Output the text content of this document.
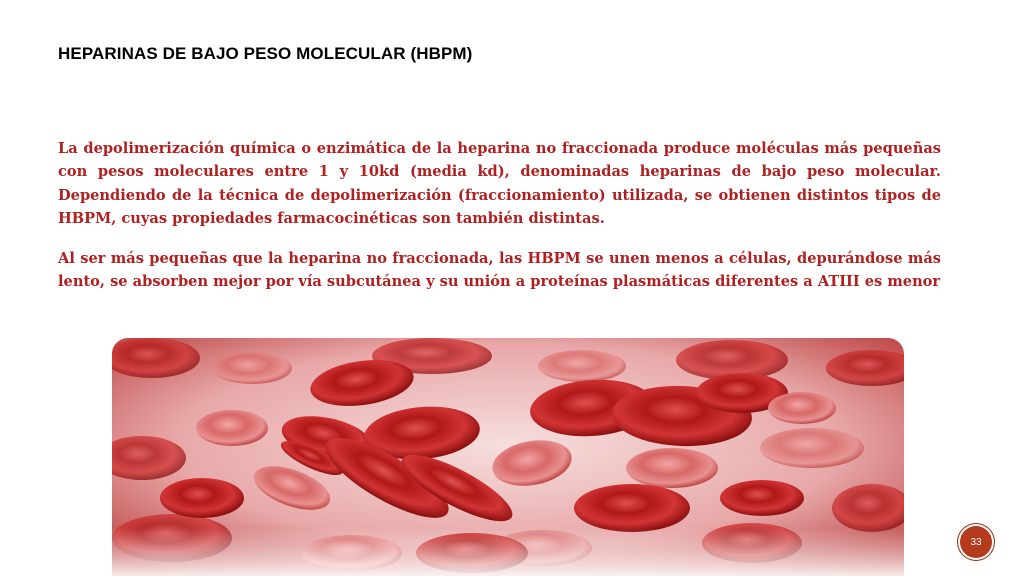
HEPARINAS DE BAJO PESO MOLECULAR (HBPM)

La depolimerización química o enzimática de la heparina no fraccionada produce moléculas más pequeñas con pesos moleculares entre 1 y 10kd (media kd), denominadas heparinas de bajo peso molecular. Dependiendo de la técnica de depolimerización (fraccionamiento) utilizada, se obtienen distintos tipos de HBPM, cuyas propiedades farmacocinéticas son también distintas.

Al ser más pequeñas que la heparina no fraccionada, las HBPM se unen menos a células, depurándose más lento, se absorben mejor por vía subcutánea y su unión a proteínas plasmáticas diferentes a ATIII es menor

33
